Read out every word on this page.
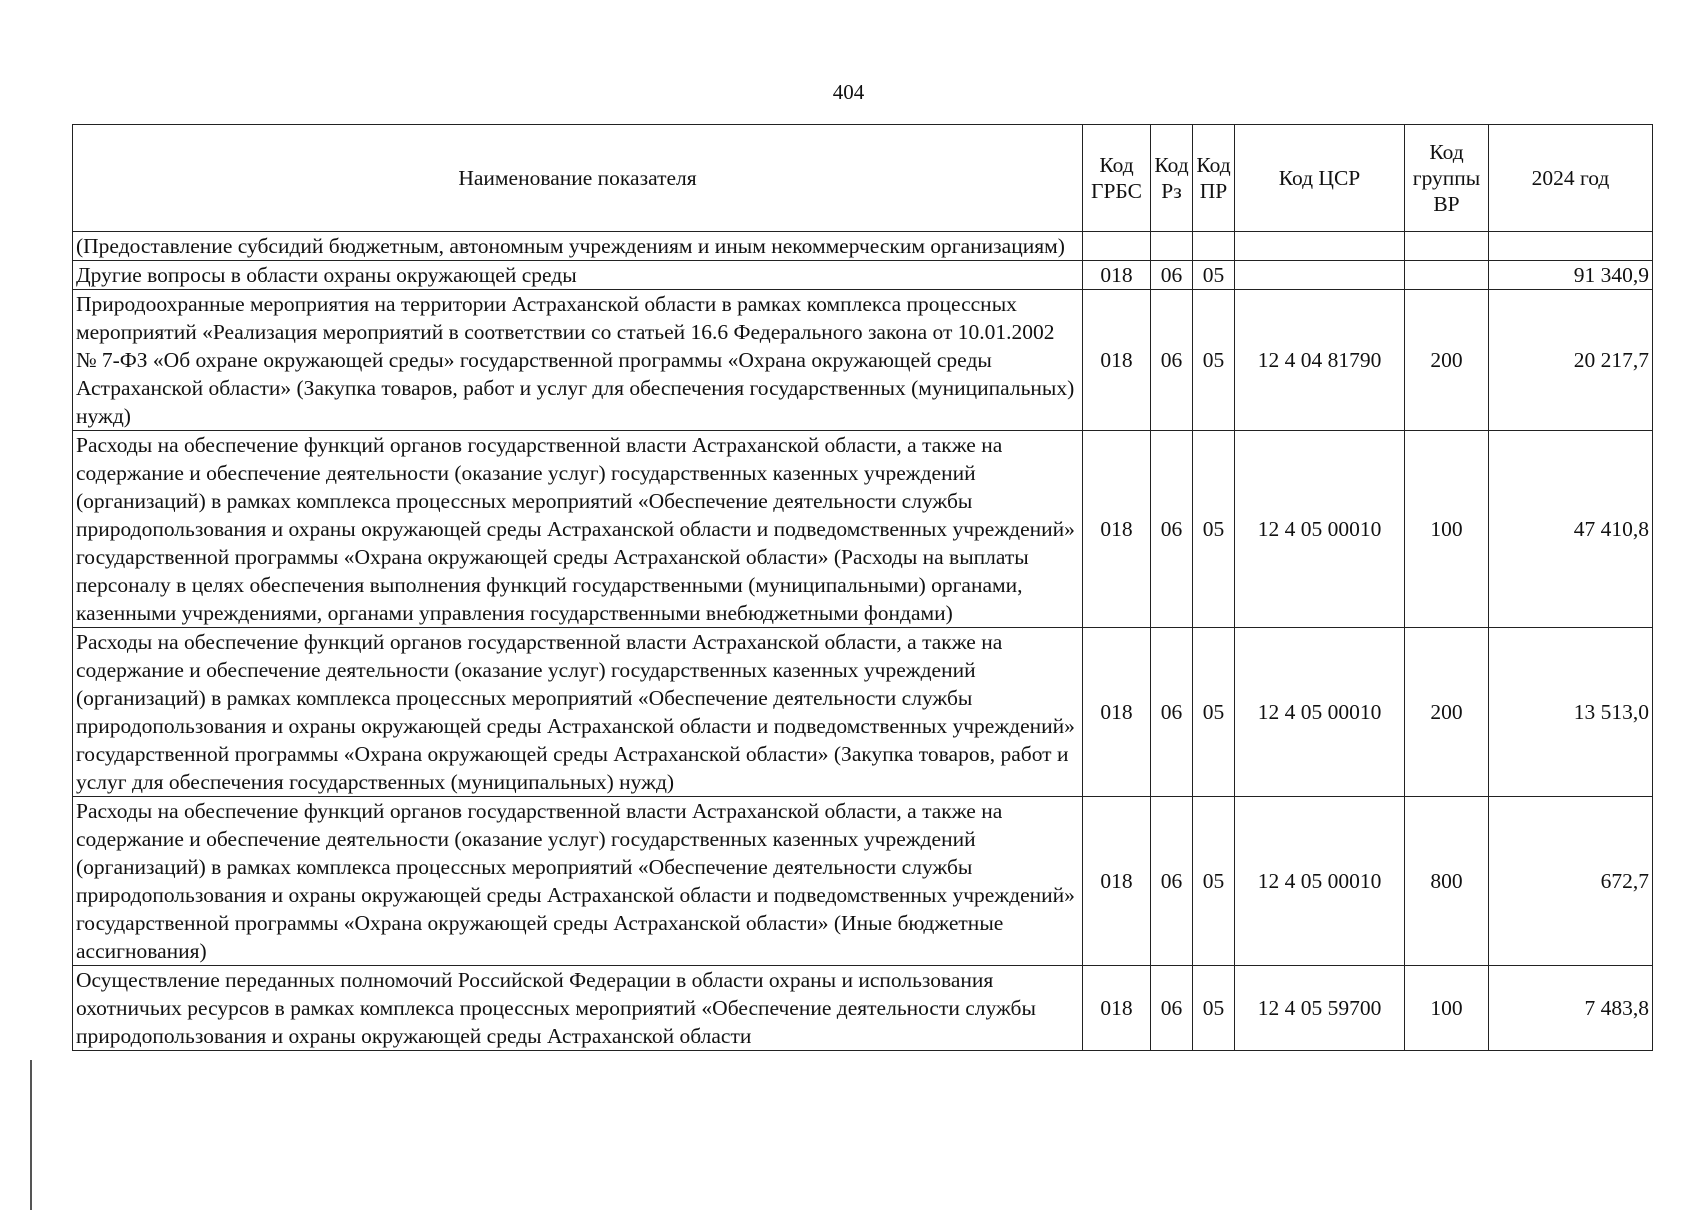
404
Наименование показателя	Код ГРБС	Код Рз	Код ПР	Код ЦСР	Код группы ВР	2024 год
(Предоставление субсидий бюджетным, автономным учреждениям и иным некоммерческим организациям)						
Другие вопросы в области охраны окружающей среды	018	06	05			91 340,9
Природоохранные мероприятия на территории Астраханской области в рамках комплекса процессных мероприятий «Реализация мероприятий в соответствии со статьей 16.6 Федерального закона от 10.01.2002 № 7-ФЗ «Об охране окружающей среды» государственной программы «Охрана окружающей среды Астраханской области» (Закупка товаров, работ и услуг для обеспечения государственных (муниципальных) нужд)	018	06	05	12 4 04 81790	200	20 217,7
Расходы на обеспечение функций органов государственной власти Астраханской области, а также на содержание и обеспечение деятельности (оказание услуг) государственных казенных учреждений (организаций) в рамках комплекса процессных мероприятий «Обеспечение деятельности службы природопользования и охраны окружающей среды Астраханской области и подведомственных учреждений» государственной программы «Охрана окружающей среды Астраханской области» (Расходы на выплаты персоналу в целях обеспечения выполнения функций государственными (муниципальными) органами, казенными учреждениями, органами управления государственными внебюджетными фондами)	018	06	05	12 4 05 00010	100	47 410,8
Расходы на обеспечение функций органов государственной власти Астраханской области, а также на содержание и обеспечение деятельности (оказание услуг) государственных казенных учреждений (организаций) в рамках комплекса процессных мероприятий «Обеспечение деятельности службы природопользования и охраны окружающей среды Астраханской области и подведомственных учреждений» государственной программы «Охрана окружающей среды Астраханской области» (Закупка товаров, работ и услуг для обеспечения государственных (муниципальных) нужд)	018	06	05	12 4 05 00010	200	13 513,0
Расходы на обеспечение функций органов государственной власти Астраханской области, а также на содержание и обеспечение деятельности (оказание услуг) государственных казенных учреждений (организаций) в рамках комплекса процессных мероприятий «Обеспечение деятельности службы природопользования и охраны окружающей среды Астраханской области и подведомственных учреждений» государственной программы «Охрана окружающей среды Астраханской области» (Иные бюджетные ассигнования)	018	06	05	12 4 05 00010	800	672,7
Осуществление переданных полномочий Российской Федерации в области охраны и использования охотничьих ресурсов в рамках комплекса процессных мероприятий «Обеспечение деятельности службы природопользования и охраны окружающей среды Астраханской области	018	06	05	12 4 05 59700	100	7 483,8
